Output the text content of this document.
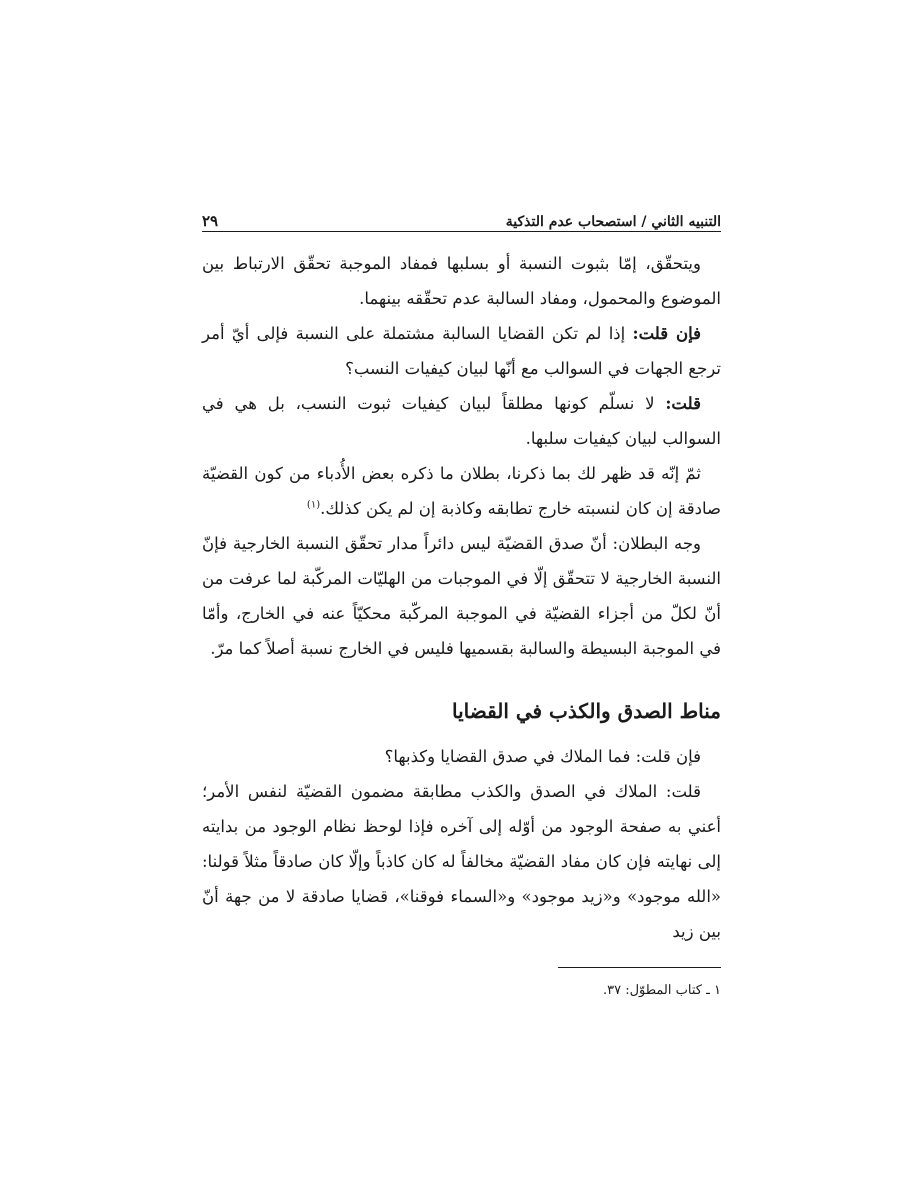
التنبيه الثاني / استصحاب عدم التذكية
٢٩

ويتحقّق، إمّا بثبوت النسبة أو بسلبها فمفاد الموجبة تحقّق الارتباط بين الموضوع والمحمول، ومفاد السالبة عدم تحقّقه بينهما.

فإن قلت: إذا لم تكن القضايا السالبة مشتملة على النسبة فإلى أيّ أمر ترجع الجهات في السوالب مع أنّها لبيان كيفيات النسب؟

قلت: لا نسلّم كونها مطلقاً لبيان كيفيات ثبوت النسب، بل هي في السوالب لبيان كيفيات سلبها.

ثمّ إنّه قد ظهر لك بما ذكرنا، بطلان ما ذكره بعض الأُدباء من كون القضيّة صادقة إن كان لنسبته خارج تطابقه وكاذبة إن لم يكن كذلك.$^{(١)}$

وجه البطلان: أنّ صدق القضيّة ليس دائراً مدار تحقّق النسبة الخارجية فإنّ النسبة الخارجية لا تتحقّق إلّا في الموجبات من الهليّات المركّبة لما عرفت من أنّ لكلّ من أجزاء القضيّة في الموجبة المركّبة محكيّاً عنه في الخارج، وأمّا في الموجبة البسيطة والسالبة بقسميها فليس في الخارج نسبة أصلاً كما مرّ.

مناط الصدق والكذب في القضايا

فإن قلت: فما الملاك في صدق القضايا وكذبها؟

قلت: الملاك في الصدق والكذب مطابقة مضمون القضيّة لنفس الأمر؛ أعني به صفحة الوجود من أوّله إلى آخره فإذا لوحظ نظام الوجود من بدايته إلى نهايته فإن كان مفاد القضيّة مخالفاً له كان كاذباً وإلّا كان صادقاً مثلاً قولنا: «الله موجود» و«زيد موجود» و«السماء فوقنا»، قضايا صادقة لا من جهة أنّ بين زيد

١ ـ كتاب المطوّل: ٣٧.
